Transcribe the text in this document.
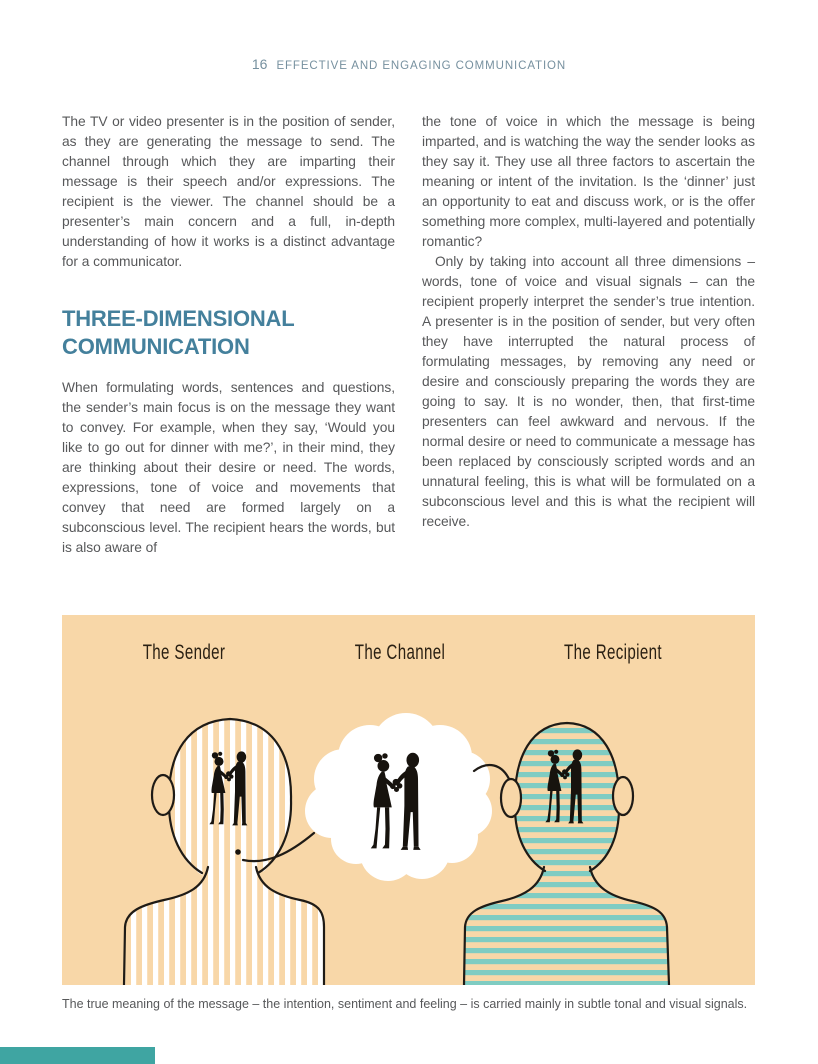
16 EFFECTIVE AND ENGAGING COMMUNICATION

The TV or video presenter is in the position of sender, as they are generating the message to send. The channel through which they are imparting their message is their speech and/or expressions. The recipient is the viewer. The channel should be a presenter’s main concern and a full, in-depth understanding of how it works is a distinct advantage for a communicator.

THREE-DIMENSIONAL COMMUNICATION

When formulating words, sentences and questions, the sender’s main focus is on the message they want to convey. For example, when they say, ‘Would you like to go out for dinner with me?’, in their mind, they are thinking about their desire or need. The words, expressions, tone of voice and movements that convey that need are formed largely on a subconscious level. The recipient hears the words, but is also aware of

the tone of voice in which the message is being imparted, and is watching the way the sender looks as they say it. They use all three factors to ascertain the meaning or intent of the invitation. Is the ‘dinner’ just an opportunity to eat and discuss work, or is the offer something more complex, multi-layered and potentially romantic?

Only by taking into account all three dimensions – words, tone of voice and visual signals – can the recipient properly interpret the sender’s true intention. A presenter is in the position of sender, but very often they have interrupted the natural process of formulating messages, by removing any need or desire and consciously preparing the words they are going to say. It is no wonder, then, that first-time presenters can feel awkward and nervous. If the normal desire or need to communicate a message has been replaced by consciously scripted words and an unnatural feeling, this is what will be formulated on a subconscious level and this is what the recipient will receive.

The Sender	The Channel	The Recipient

The true meaning of the message – the intention, sentiment and feeling – is carried mainly in subtle tonal and visual signals.
